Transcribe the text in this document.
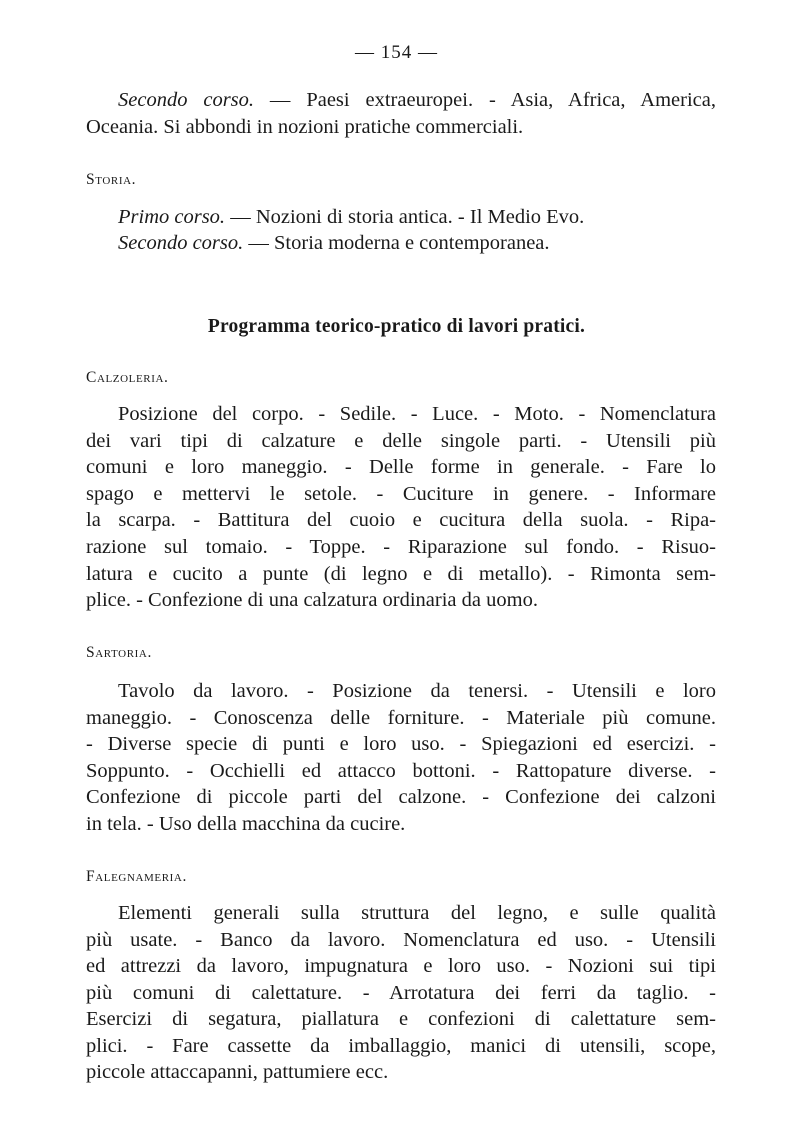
— 154 —
Secondo corso. — Paesi extraeuropei. - Asia, Africa, America,
Oceania. Si abbondi in nozioni pratiche commerciali.
Storia.
Primo corso. — Nozioni di storia antica. - Il Medio Evo.
Secondo corso. — Storia moderna e contemporanea.
Programma teorico-pratico di lavori pratici.
Calzoleria.
Posizione del corpo. - Sedile. - Luce. - Moto. - Nomenclatura
dei vari tipi di calzature e delle singole parti. - Utensili più
comuni e loro maneggio. - Delle forme in generale. - Fare lo
spago e mettervi le setole. - Cuciture in genere. - Informare
la scarpa. - Battitura del cuoio e cucitura della suola. - Ripa-
razione sul tomaio. - Toppe. - Riparazione sul fondo. - Risuo-
latura e cucito a punte (di legno e di metallo). - Rimonta sem-
plice. - Confezione di una calzatura ordinaria da uomo.
Sartoria.
Tavolo da lavoro. - Posizione da tenersi. - Utensili e loro
maneggio. - Conoscenza delle forniture. - Materiale più comune.
- Diverse specie di punti e loro uso. - Spiegazioni ed esercizi. -
Soppunto. - Occhielli ed attacco bottoni. - Rattopature diverse. -
Confezione di piccole parti del calzone. - Confezione dei calzoni
in tela. - Uso della macchina da cucire.
Falegnameria.
Elementi generali sulla struttura del legno, e sulle qualità
più usate. - Banco da lavoro. Nomenclatura ed uso. - Utensili
ed attrezzi da lavoro, impugnatura e loro uso. - Nozioni sui tipi
più comuni di calettature. - Arrotatura dei ferri da taglio. -
Esercizi di segatura, piallatura e confezioni di calettature sem-
plici. - Fare cassette da imballaggio, manici di utensili, scope,
piccole attaccapanni, pattumiere ecc.
